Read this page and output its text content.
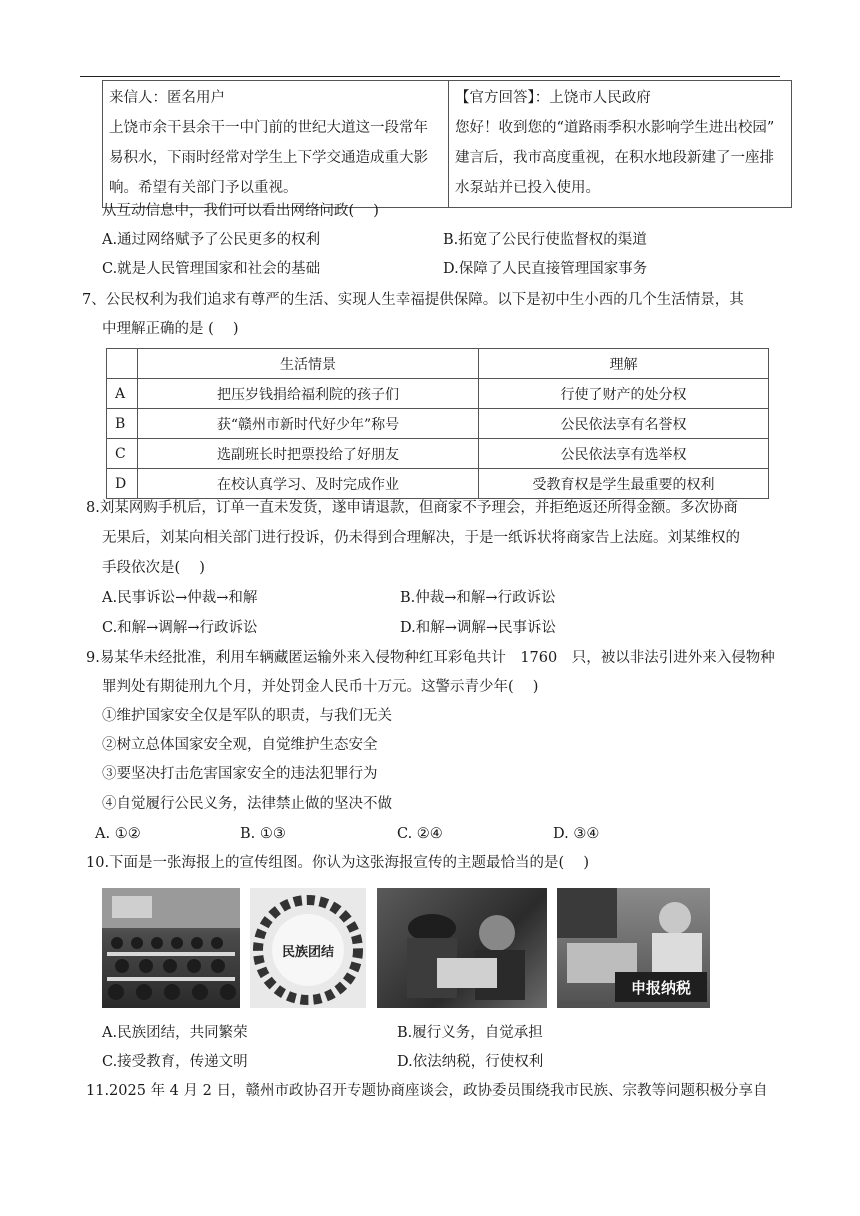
来信人：匿名用户
上饶市余干县余干一中门前的世纪大道这一段常年
易积水，下雨时经常对学生上下学交通造成重大影
响。希望有关部门予以重视。

【官方回答】：上饶市人民政府
您好！收到您的“道路雨季积水影响学生进出校园”
建言后，我市高度重视，在积水地段新建了一座排
水泵站并已投入使用。
从互动信息中，我们可以看出网络问政(　 )
A.通过网络赋予了公民更多的权利	B.拓宽了公民行使监督权的渠道
C.就是人民管理国家和社会的基础	D.保障了人民直接管理国家事务
7、公民权利为我们追求有尊严的生活、实现人生幸福提供保障。以下是初中生小西的几个生活情景，其
中理解正确的是 (　 )
	生活情景	理解
A	把压岁钱捐给福利院的孩子们	行使了财产的处分权
B	获“赣州市新时代好少年”称号	公民依法享有名誉权
C	选副班长时把票投给了好朋友	公民依法享有选举权
D	在校认真学习、及时完成作业	受教育权是学生最重要的权利
8.刘某网购手机后，订单一直未发货，遂申请退款，但商家不予理会，并拒绝返还所得金额。多次协商
无果后，刘某向相关部门进行投诉，仍未得到合理解决，于是一纸诉状将商家告上法庭。刘某维权的
手段依次是(　 )
A.民事诉讼→仲裁→和解	B.仲裁→和解→行政诉讼
C.和解→调解→行政诉讼	D.和解→调解→民事诉讼
9.易某华未经批准，利用车辆藏匿运输外来入侵物种红耳彩龟共计　1760　只，被以非法引进外来入侵物种
罪判处有期徒刑九个月，并处罚金人民币十万元。这警示青少年(　 )
①维护国家安全仅是军队的职责，与我们无关
②树立总体国家安全观，自觉维护生态安全
③要坚决打击危害国家安全的违法犯罪行为
④自觉履行公民义务，法律禁止做的坚决不做
A. ①②	B. ①③	C. ②④	D. ③④
10.下面是一张海报上的宣传组图。你认为这张海报宣传的主题最恰当的是(　 )
民族团结
申报纳税
A.民族团结，共同繁荣	B.履行义务，自觉承担
C.接受教育，传递文明	D.依法纳税，行使权利
11.2025 年 4 月 2 日，赣州市政协召开专题协商座谈会，政协委员围绕我市民族、宗教等问题积极分享自
